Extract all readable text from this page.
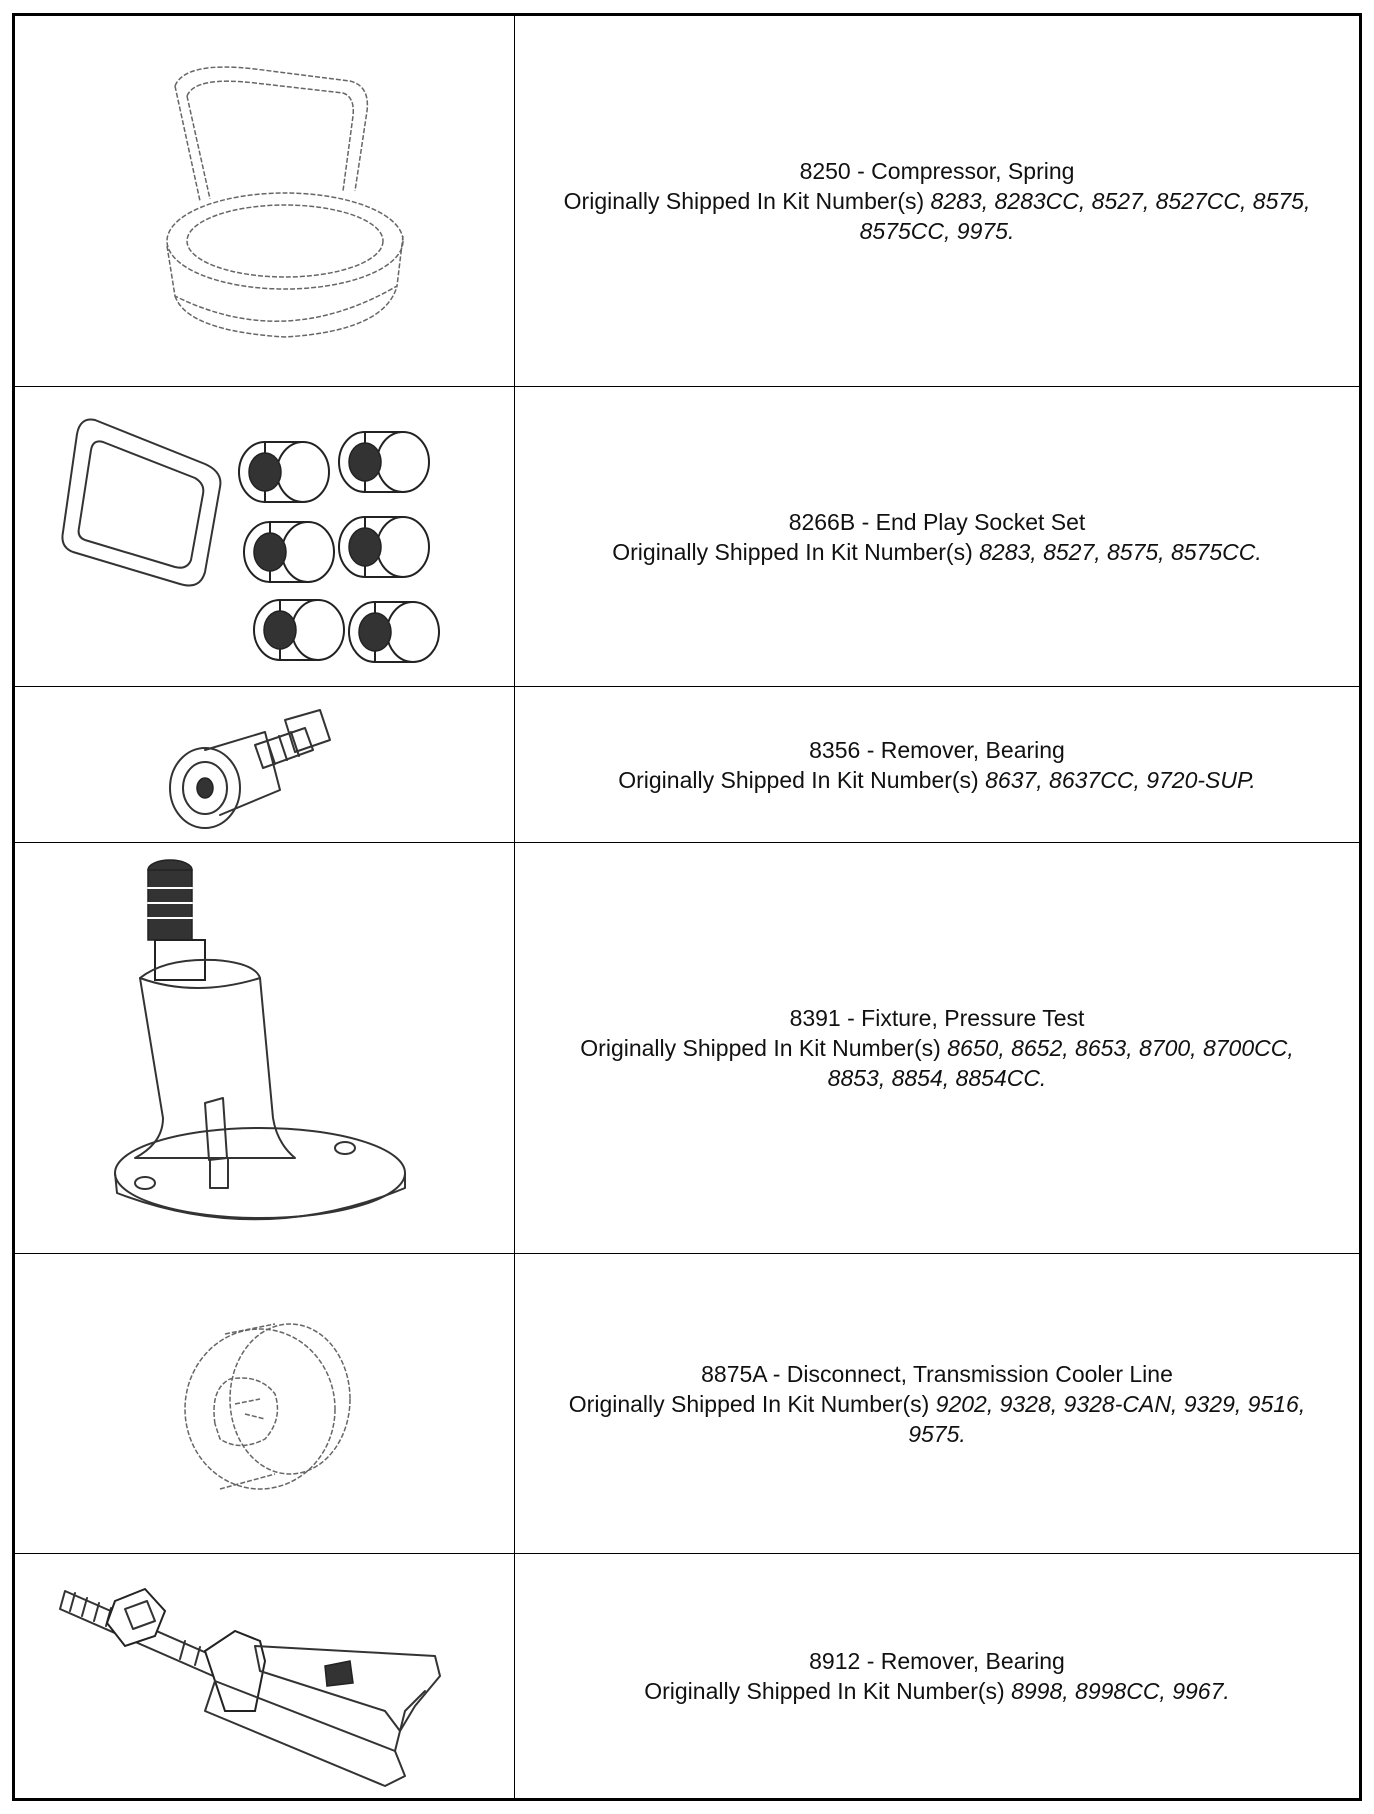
8250 - Compressor, Spring
Originally Shipped In Kit Number(s) 8283, 8283CC, 8527, 8527CC, 8575,
8575CC, 9975.
8266B - End Play Socket Set
Originally Shipped In Kit Number(s) 8283, 8527, 8575, 8575CC.
8356 - Remover, Bearing
Originally Shipped In Kit Number(s) 8637, 8637CC, 9720-SUP.
8391 - Fixture, Pressure Test
Originally Shipped In Kit Number(s) 8650, 8652, 8653, 8700, 8700CC,
8853, 8854, 8854CC.
8875A - Disconnect, Transmission Cooler Line
Originally Shipped In Kit Number(s) 9202, 9328, 9328-CAN, 9329, 9516,
9575.
8912 - Remover, Bearing
Originally Shipped In Kit Number(s) 8998, 8998CC, 9967.
